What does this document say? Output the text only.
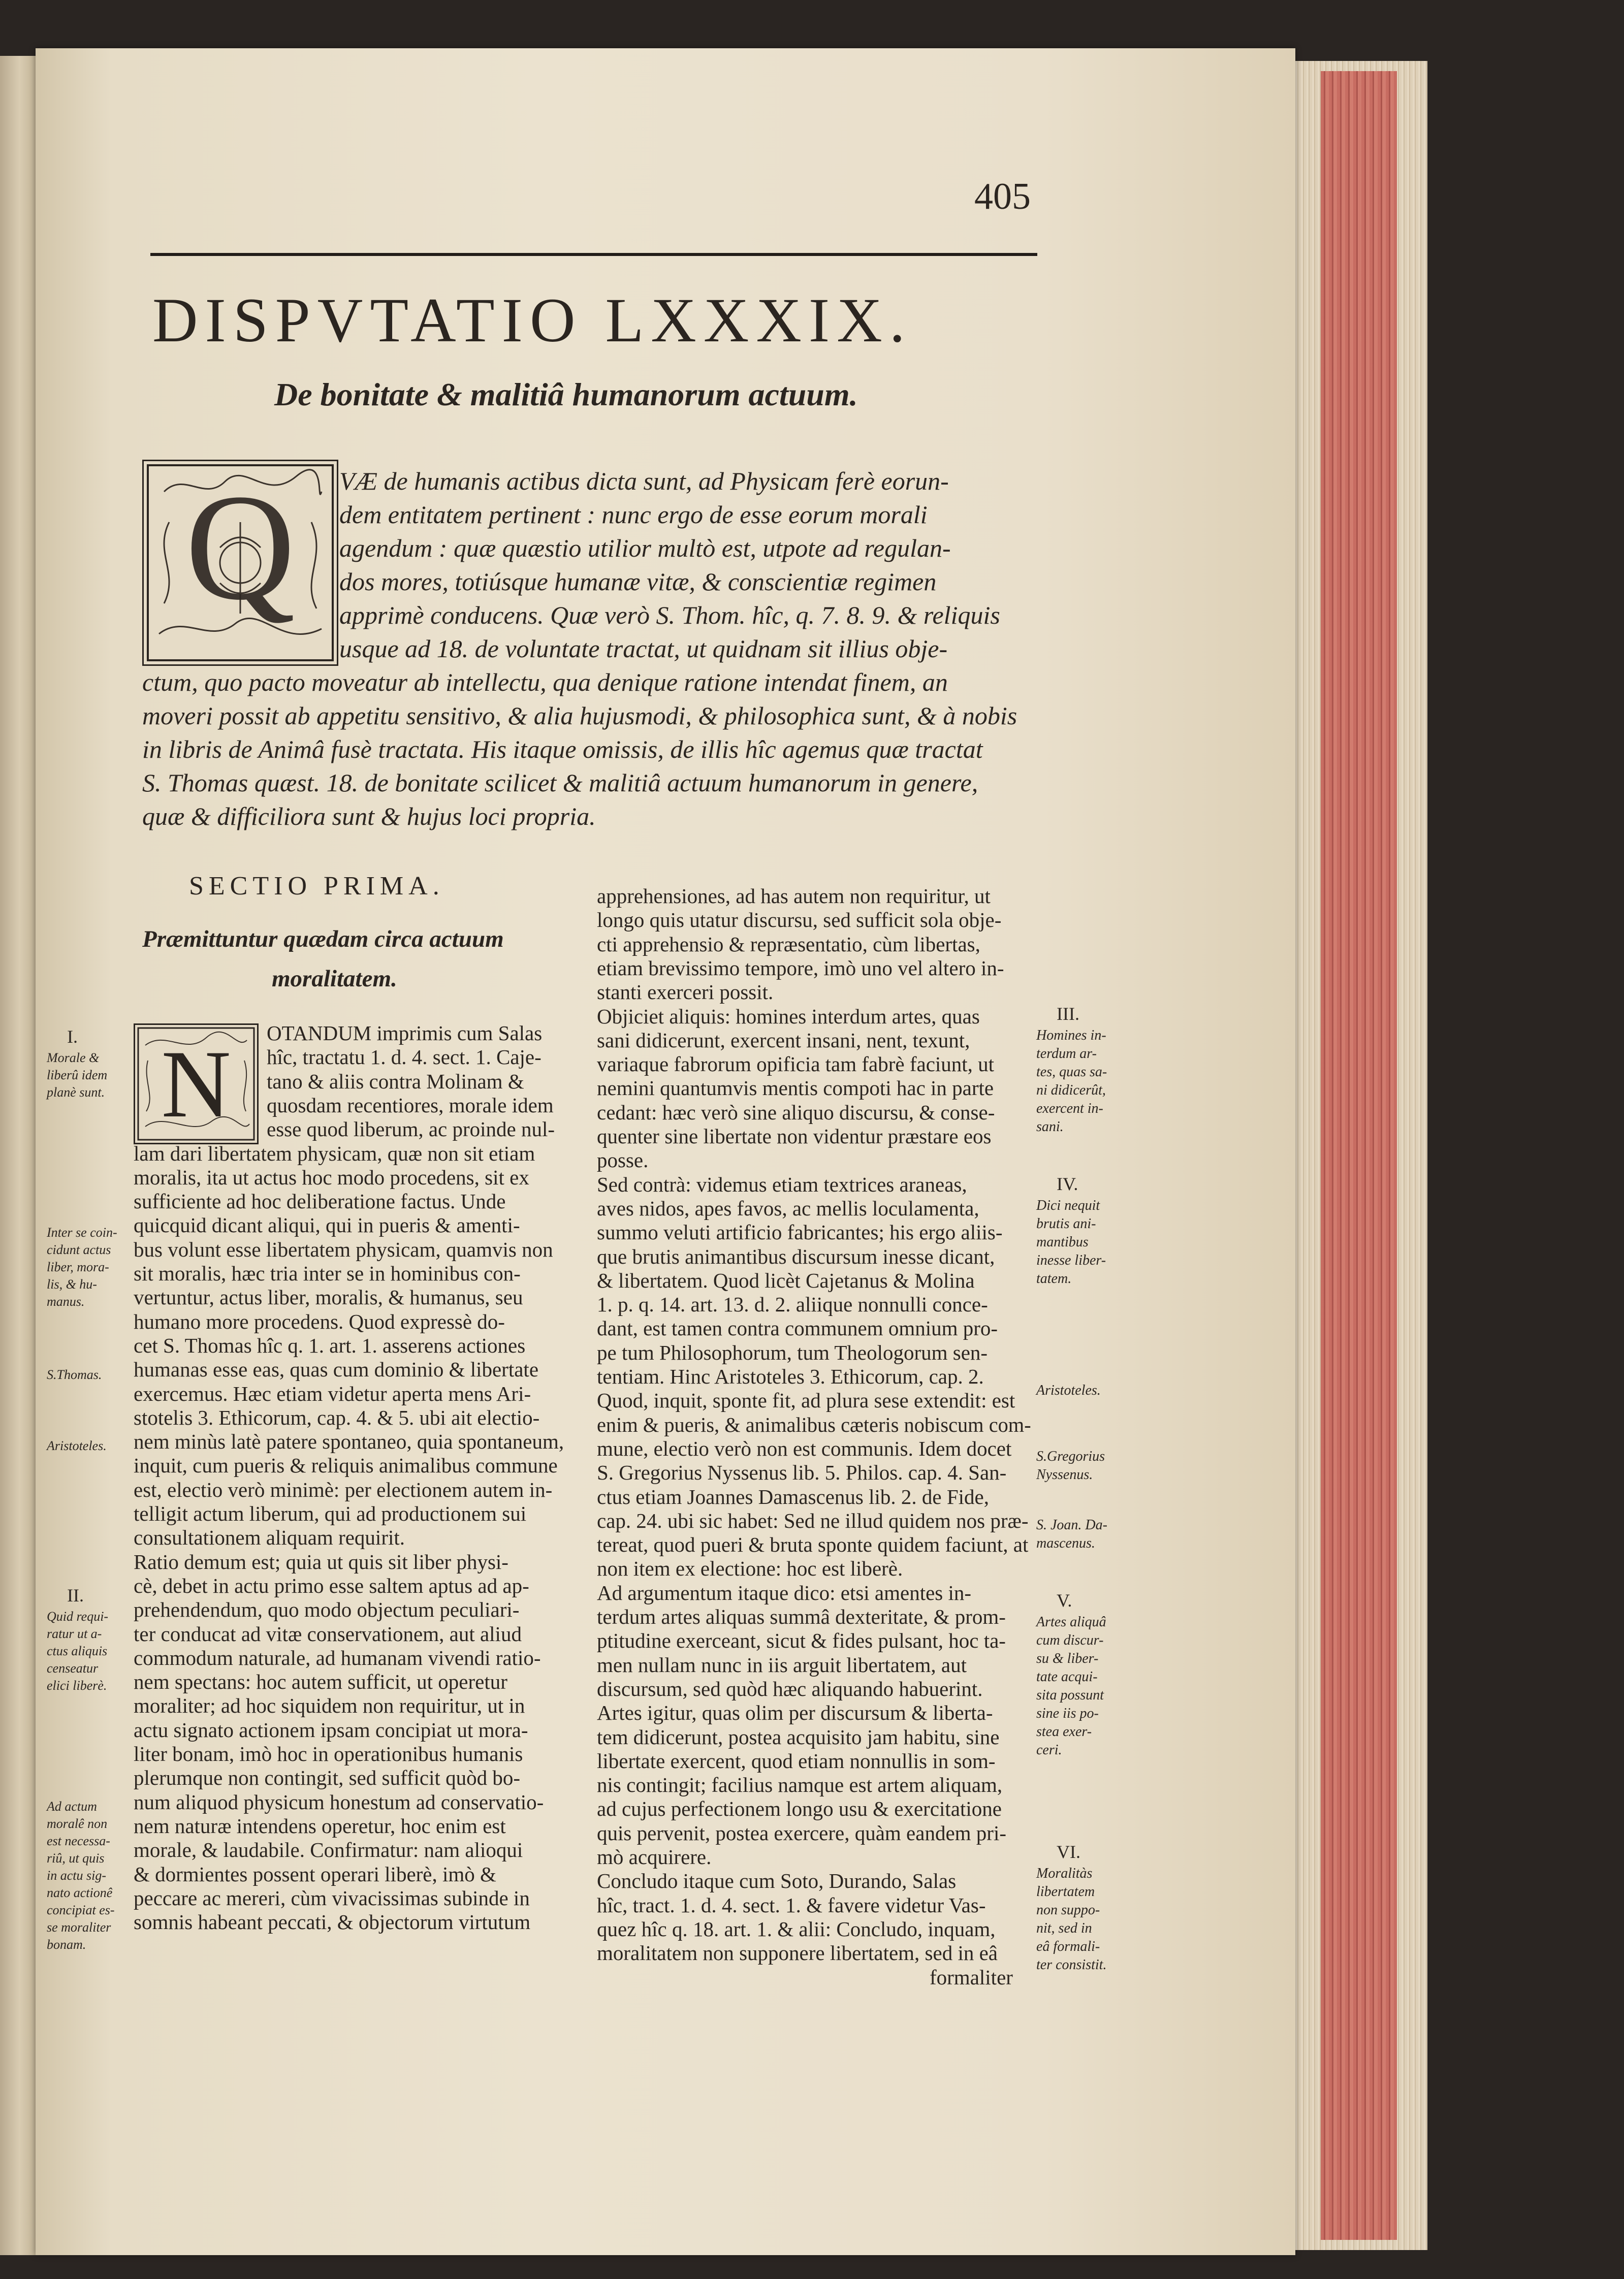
405
DISPVTATIO LXXXIX.
De bonitate & malitiâ humanorum actuum.
Q
N
SECTIO PRIMA.
VÆ de humanis actibus dicta sunt, ad Physicam ferè eorun-
dem entitatem pertinent : nunc ergo de esse eorum morali
agendum : quæ quæstio utilior multò est, utpote ad regulan-
dos mores, totiúsque humanæ vitæ, & conscientiæ regimen
apprimè conducens. Quæ verò S. Thom. hîc, q. 7. 8. 9. & reliquis
usque ad 18. de voluntate tractat, ut quidnam sit illius obje-
ctum, quo pacto moveatur ab intellectu, qua denique ratione intendat finem, an
moveri possit ab appetitu sensitivo, & alia hujusmodi, & philosophica sunt, & à nobis
in libris de Animâ fusè tractata. His itaque omissis, de illis hîc agemus quæ tractat
S. Thomas quæst. 18. de bonitate scilicet & malitiâ actuum humanorum in genere,
quæ & difficiliora sunt & hujus loci propria.
Præmittuntur quædam circa actuum
moralitatem.
OTANDUM imprimis cum Salas
hîc, tractatu 1. d. 4. sect. 1. Caje-
tano & aliis contra Molinam &
quosdam recentiores, morale idem
esse quod liberum, ac proinde nul-
lam dari libertatem physicam, quæ non sit etiam
moralis, ita ut actus hoc modo procedens, sit ex
sufficiente ad hoc deliberatione factus. Unde
quicquid dicant aliqui, qui in pueris & amenti-
bus volunt esse libertatem physicam, quamvis non
sit moralis, hæc tria inter se in hominibus con-
vertuntur, actus liber, moralis, & humanus, seu
humano more procedens. Quod expressè do-
cet S. Thomas hîc q. 1. art. 1. asserens actiones
humanas esse eas, quas cum dominio & libertate
exercemus. Hæc etiam videtur aperta mens Ari-
stotelis 3. Ethicorum, cap. 4. & 5. ubi ait electio-
nem minùs latè patere spontaneo, quia spontaneum,
inquit, cum pueris & reliquis animalibus commune
est, electio verò minimè: per electionem autem in-
telligit actum liberum, qui ad productionem sui
consultationem aliquam requirit.
Ratio demum est; quia ut quis sit liber physi-
cè, debet in actu primo esse saltem aptus ad ap-
prehendendum, quo modo objectum peculiari-
ter conducat ad vitæ conservationem, aut aliud
commodum naturale, ad humanam vivendi ratio-
nem spectans: hoc autem sufficit, ut operetur
moraliter; ad hoc siquidem non requiritur, ut in
actu signato actionem ipsam concipiat ut mora-
liter bonam, imò hoc in operationibus humanis
plerumque non contingit, sed sufficit quòd bo-
num aliquod physicum honestum ad conservatio-
nem naturæ intendens operetur, hoc enim est
morale, & laudabile. Confirmatur: nam alioqui
& dormientes possent operari liberè, imò &
peccare ac mereri, cùm vivacissimas subinde in
somnis habeant peccati, & objectorum virtutum
apprehensiones, ad has autem non requiritur, ut
longo quis utatur discursu, sed sufficit sola obje-
cti apprehensio & repræsentatio, cùm libertas,
etiam brevissimo tempore, imò uno vel altero in-
stanti exerceri possit.
Objiciet aliquis: homines interdum artes, quas
sani didicerunt, exercent insani, nent, texunt,
variaque fabrorum opificia tam fabrè faciunt, ut
nemini quantumvis mentis compoti hac in parte
cedant: hæc verò sine aliquo discursu, & conse-
quenter sine libertate non videntur præstare eos
posse.
Sed contrà: videmus etiam textrices araneas,
aves nidos, apes favos, ac mellis loculamenta,
summo veluti artificio fabricantes; his ergo aliis-
que brutis animantibus discursum inesse dicant,
& libertatem. Quod licèt Cajetanus & Molina
1. p. q. 14. art. 13. d. 2. aliique nonnulli conce-
dant, est tamen contra communem omnium pro-
pe tum Philosophorum, tum Theologorum sen-
tentiam. Hinc Aristoteles 3. Ethicorum, cap. 2.
Quod, inquit, sponte fit, ad plura sese extendit: est
enim & pueris, & animalibus cæteris nobiscum com-
mune, electio verò non est communis. Idem docet
S. Gregorius Nyssenus lib. 5. Philos. cap. 4. San-
ctus etiam Joannes Damascenus lib. 2. de Fide,
cap. 24. ubi sic habet: Sed ne illud quidem nos præ-
tereat, quod pueri & bruta sponte quidem faciunt, at
non item ex electione: hoc est liberè.
Ad argumentum itaque dico: etsi amentes in-
terdum artes aliquas summâ dexteritate, & prom-
ptitudine exerceant, sicut & fides pulsant, hoc ta-
men nullam nunc in iis arguit libertatem, aut
discursum, sed quòd hæc aliquando habuerint.
Artes igitur, quas olim per discursum & liberta-
tem didicerunt, postea acquisito jam habitu, sine
libertate exercent, quod etiam nonnullis in som-
nis contingit; facilius namque est artem aliquam,
ad cujus perfectionem longo usu & exercitatione
quis pervenit, postea exercere, quàm eandem pri-
mò acquirere.
Concludo itaque cum Soto, Durando, Salas
hîc, tract. 1. d. 4. sect. 1. & favere videtur Vas-
quez hîc q. 18. art. 1. & alii: Concludo, inquam,
moralitatem non supponere libertatem, sed in eâ
formaliter
I.
Morale &
liberû idem
planè sunt.
Inter se coin-
cidunt actus
liber, mora-
lis, & hu-
manus.
S.Thomas.
Aristoteles.
II.
Quid requi-
ratur ut a-
ctus aliquis
censeatur
elici liberè.
Ad actum
moralê non
est necessa-
riû, ut quis
in actu sig-
nato actionê
concipiat es-
se moraliter
bonam.
III.
Homines in-
terdum ar-
tes, quas sa-
ni didicerût,
exercent in-
sani.
IV.
Dici nequit
brutis ani-
mantibus
inesse liber-
tatem.
Aristoteles.
S.Gregorius
Nyssenus.
S. Joan. Da-
mascenus.
V.
Artes aliquâ
cum discur-
su & liber-
tate acqui-
sita possunt
sine iis po-
stea exer-
ceri.
VI.
Moralitàs
libertatem
non suppo-
nit, sed in
eâ formali-
ter consistit.
